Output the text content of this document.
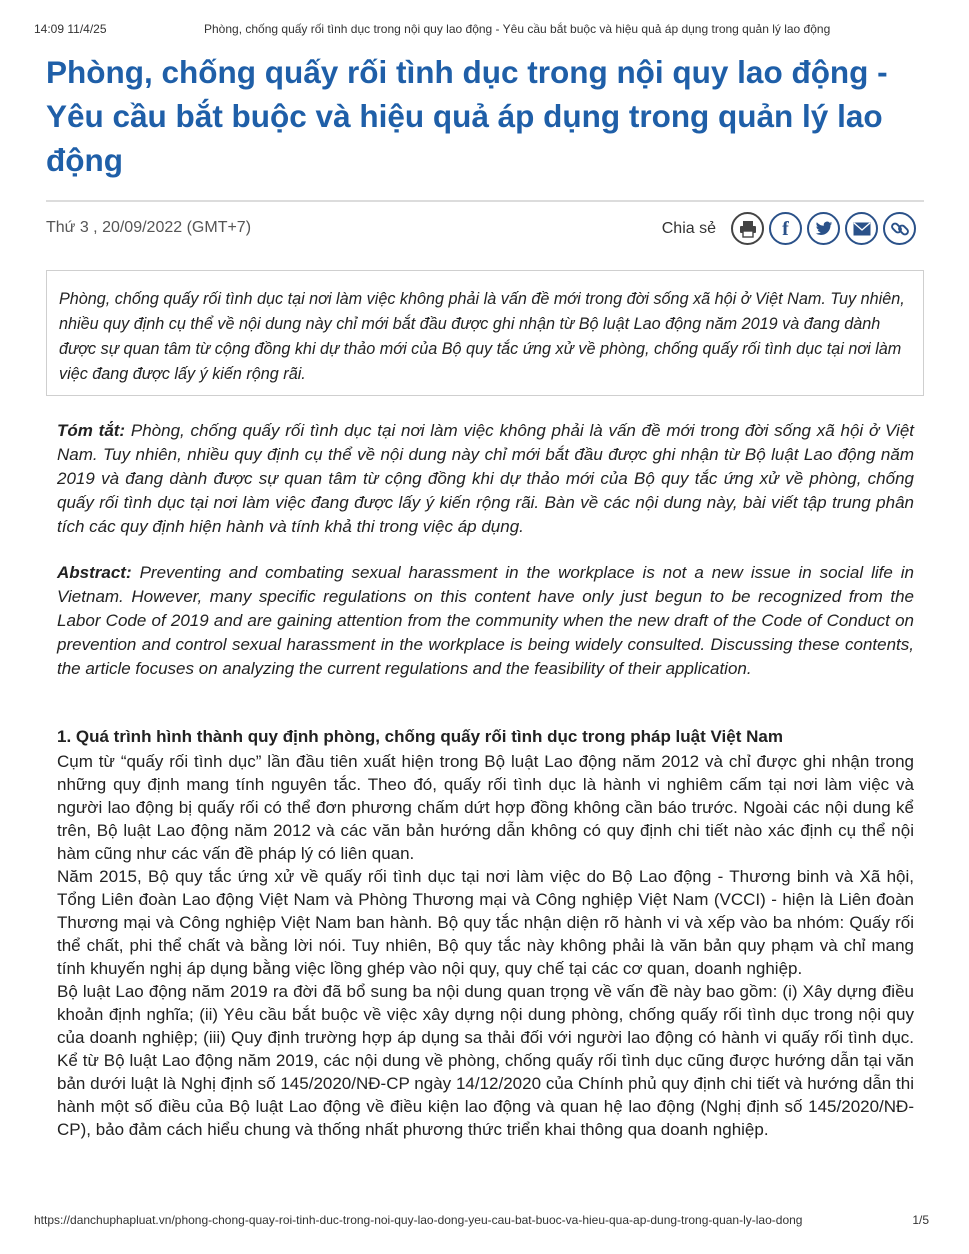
14:09 11/4/25	Phòng, chống quấy rối tình dục trong nội quy lao động - Yêu cầu bắt buộc và hiệu quả áp dụng trong quản lý lao động
Phòng, chống quấy rối tình dục trong nội quy lao động - Yêu cầu bắt buộc và hiệu quả áp dụng trong quản lý lao động
Thứ 3 , 20/09/2022 (GMT+7)	Chia sẻ	f
Phòng, chống quấy rối tình dục tại nơi làm việc không phải là vấn đề mới trong đời sống xã hội ở Việt Nam. Tuy nhiên, nhiều quy định cụ thể về nội dung này chỉ mới bắt đầu được ghi nhận từ Bộ luật Lao động năm 2019 và đang dành được sự quan tâm từ cộng đồng khi dự thảo mới của Bộ quy tắc ứng xử về phòng, chống quấy rối tình dục tại nơi làm việc đang được lấy ý kiến rộng rãi.

Tóm tắt: Phòng, chống quấy rối tình dục tại nơi làm việc không phải là vấn đề mới trong đời sống xã hội ở Việt Nam. Tuy nhiên, nhiều quy định cụ thể về nội dung này chỉ mới bắt đầu được ghi nhận từ Bộ luật Lao động năm 2019 và đang dành được sự quan tâm từ cộng đồng khi dự thảo mới của Bộ quy tắc ứng xử về phòng, chống quấy rối tình dục tại nơi làm việc đang được lấy ý kiến rộng rãi. Bàn về các nội dung này, bài viết tập trung phân tích các quy định hiện hành và tính khả thi trong việc áp dụng.

Abstract: Preventing and combating sexual harassment in the workplace is not a new issue in social life in Vietnam. However, many specific regulations on this content have only just begun to be recognized from the Labor Code of 2019 and are gaining attention from the community when the new draft of the Code of Conduct on prevention and control sexual harassment in the workplace is being widely consulted. Discussing these contents, the article focuses on analyzing the current regulations and the feasibility of their application.

1. Quá trình hình thành quy định phòng, chống quấy rối tình dục trong pháp luật Việt Nam

Cụm từ “quấy rối tình dục” lần đầu tiên xuất hiện trong Bộ luật Lao động năm 2012 và chỉ được ghi nhận trong những quy định mang tính nguyên tắc. Theo đó, quấy rối tình dục là hành vi nghiêm cấm tại nơi làm việc và người lao động bị quấy rối có thể đơn phương chấm dứt hợp đồng không cần báo trước. Ngoài các nội dung kể trên, Bộ luật Lao động năm 2012 và các văn bản hướng dẫn không có quy định chi tiết nào xác định cụ thể nội hàm cũng như các vấn đề pháp lý có liên quan.

Năm 2015, Bộ quy tắc ứng xử về quấy rối tình dục tại nơi làm việc do Bộ Lao động - Thương binh và Xã hội, Tổng Liên đoàn Lao động Việt Nam và Phòng Thương mại và Công nghiệp Việt Nam (VCCI) - hiện là Liên đoàn Thương mại và Công nghiệp Việt Nam ban hành. Bộ quy tắc nhận diện rõ hành vi và xếp vào ba nhóm: Quấy rối thể chất, phi thể chất và bằng lời nói. Tuy nhiên, Bộ quy tắc này không phải là văn bản quy phạm và chỉ mang tính khuyến nghị áp dụng bằng việc lồng ghép vào nội quy, quy chế tại các cơ quan, doanh nghiệp.

Bộ luật Lao động năm 2019 ra đời đã bổ sung ba nội dung quan trọng về vấn đề này bao gồm: (i) Xây dựng điều khoản định nghĩa; (ii) Yêu cầu bắt buộc về việc xây dựng nội dung phòng, chống quấy rối tình dục trong nội quy của doanh nghiệp; (iii) Quy định trường hợp áp dụng sa thải đối với người lao động có hành vi quấy rối tình dục. Kể từ Bộ luật Lao động năm 2019, các nội dung về phòng, chống quấy rối tình dục cũng được hướng dẫn tại văn bản dưới luật là Nghị định số 145/2020/NĐ-CP ngày 14/12/2020 của Chính phủ quy định chi tiết và hướng dẫn thi hành một số điều của Bộ luật Lao động về điều kiện lao động và quan hệ lao động (Nghị định số 145/2020/NĐ-CP), bảo đảm cách hiểu chung và thống nhất phương thức triển khai thông qua doanh nghiệp.

https://danchuphapluat.vn/phong-chong-quay-roi-tinh-duc-trong-noi-quy-lao-dong-yeu-cau-bat-buoc-va-hieu-qua-ap-dung-trong-quan-ly-lao-dong	1/5
